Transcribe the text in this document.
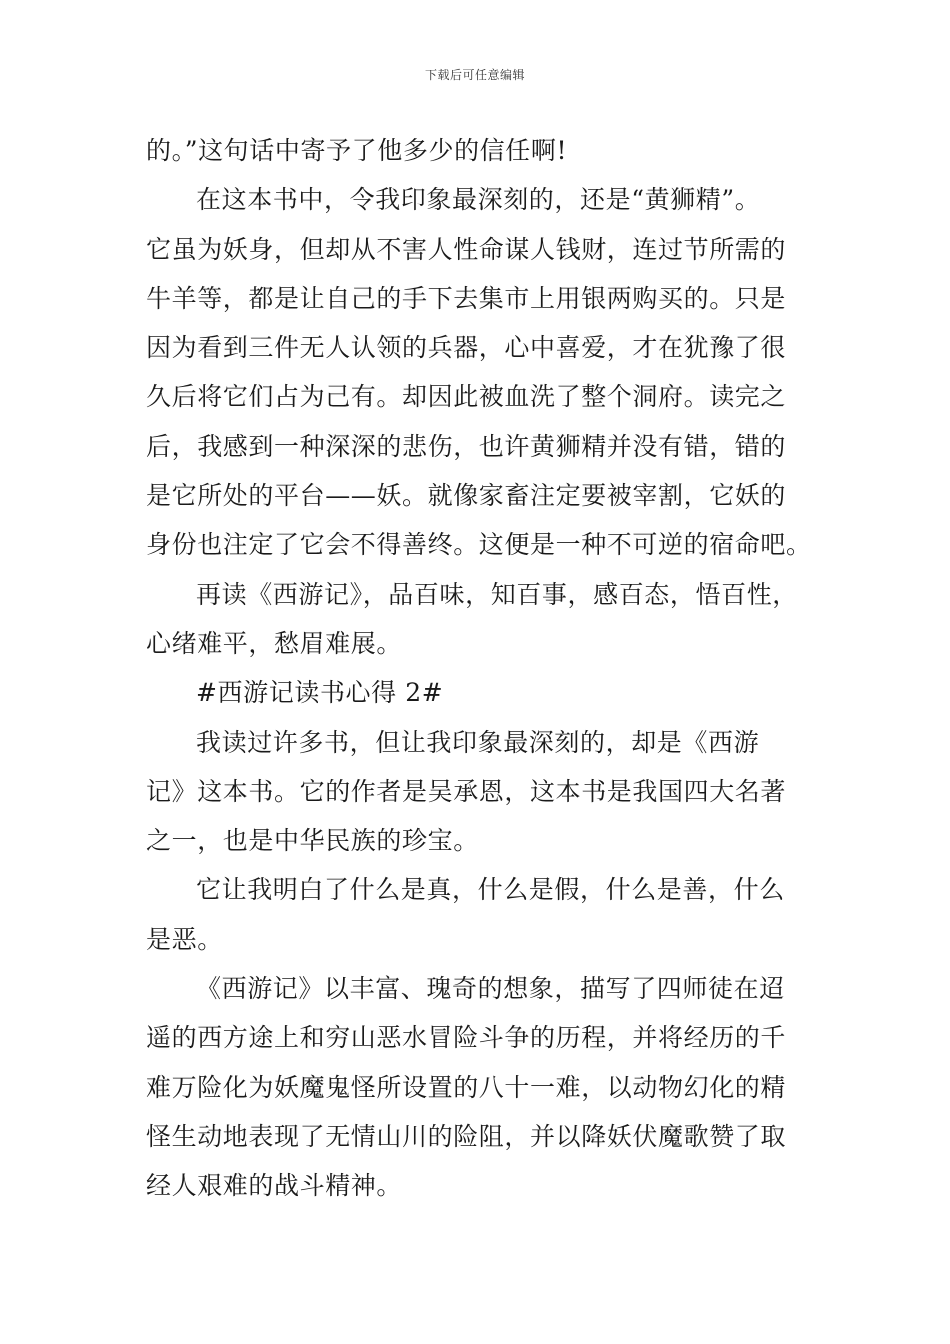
下载后可任意编辑
的。”这句话中寄予了他多少的信任啊!
在这本书中，令我印象最深刻的，还是“黄狮精”。
它虽为妖身，但却从不害人性命谋人钱财，连过节所需的
牛羊等，都是让自己的手下去集市上用银两购买的。只是
因为看到三件无人认领的兵器，心中喜爱，才在犹豫了很
久后将它们占为己有。却因此被血洗了整个洞府。读完之
后，我感到一种深深的悲伤，也许黄狮精并没有错，错的
是它所处的平台——妖。就像家畜注定要被宰割，它妖的
身份也注定了它会不得善终。这便是一种不可逆的宿命吧。
再读《西游记》，品百味，知百事，感百态，悟百性，
心绪难平，愁眉难展。
#西游记读书心得 2#
我读过许多书，但让我印象最深刻的，却是《西游
记》这本书。它的作者是吴承恩，这本书是我国四大名著
之一，也是中华民族的珍宝。
它让我明白了什么是真，什么是假，什么是善，什么
是恶。
《西游记》以丰富、瑰奇的想象，描写了四师徒在迢
遥的西方途上和穷山恶水冒险斗争的历程，并将经历的千
难万险化为妖魔鬼怪所设置的八十一难，以动物幻化的精
怪生动地表现了无情山川的险阻，并以降妖伏魔歌赞了取
经人艰难的战斗精神。
